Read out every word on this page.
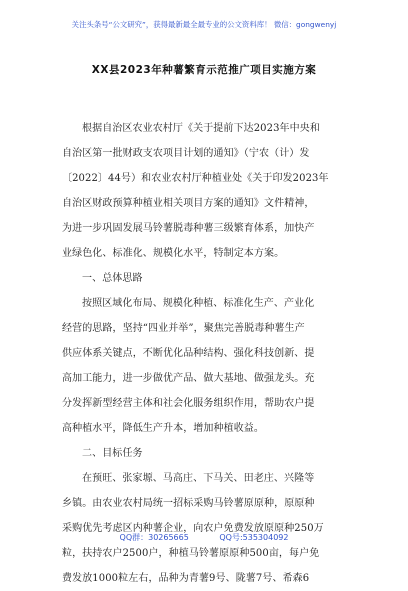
关注头条号“公文研究”，获得最新最全最专业的公文资料库！ 微信：gongwenyj
XX县2023年种薯繁育示范推广项目实施方案
根据自治区农业农村厅《关于提前下达2023年中央和
自治区第一批财政支农项目计划的通知》（宁农（计）发
〔2022〕44号）和农业农村厅种植业处《关于印发2023年
自治区财政预算种植业相关项目方案的通知》文件精神，
为进一步巩固发展马铃薯脱毒种薯三级繁育体系，加快产
业绿色化、标准化、规模化水平，特制定本方案。
一、总体思路
按照区域化布局、规模化种植、标准化生产、产业化
经营的思路，坚持“四业并举”，聚焦完善脱毒种薯生产
供应体系关键点，不断优化品种结构、强化科技创新、提
高加工能力，进一步做优产品、做大基地、做强龙头。充
分发挥新型经营主体和社会化服务组织作用，帮助农户提
高种植水平，降低生产升本，增加种植收益。
二、目标任务
在预旺、张家塬、马高庄、下马关、田老庄、兴隆等
乡镇。由农业农村局统一招标采购马铃薯原原种，原原种
采购优先考虑区内种薯企业，向农户免费发放原原种250万
粒，扶持农户2500户，种植马铃薯原原种500亩，每户免
费发放1000粒左右，品种为青薯9号、陇薯7号、希森6
QQ群：30265665	QQ号:535304092
